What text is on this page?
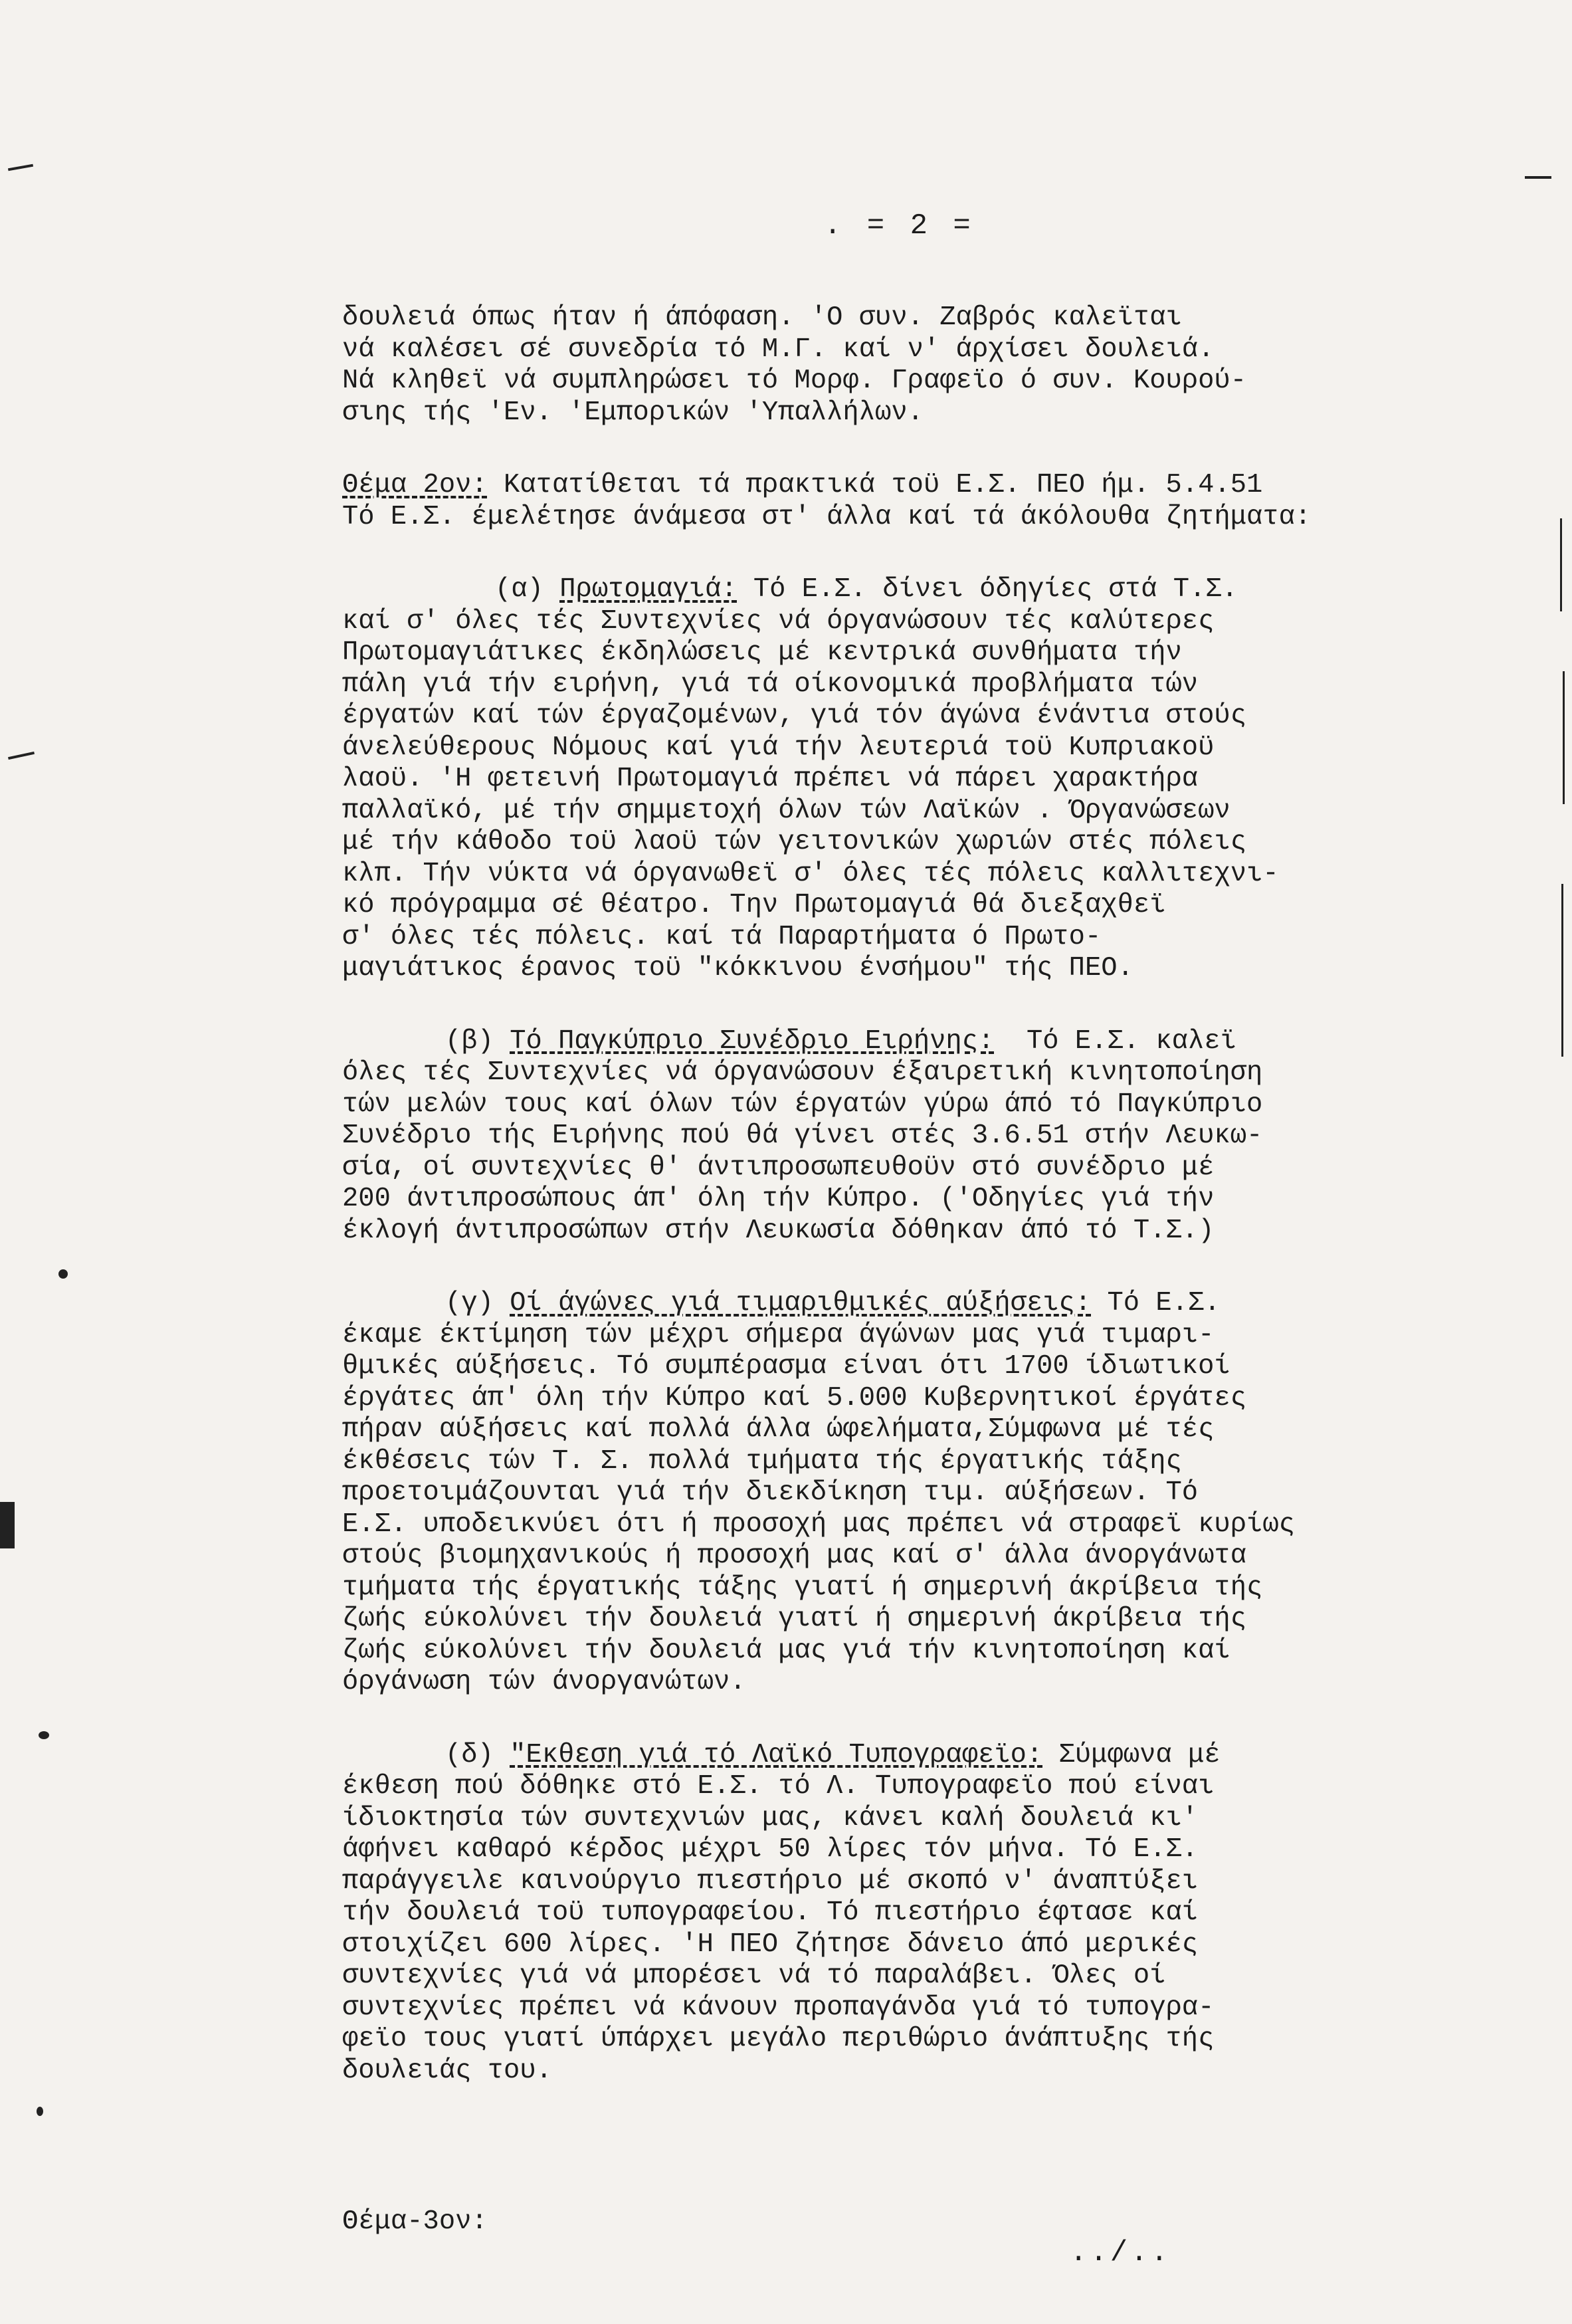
. = 2 =
δουλειά όπως ήταν ή άπόφαση. 'Ο συν. Ζαβρός καλεϊται
νά καλέσει σέ συνεδρία τό Μ.Γ. καί ν' άρχίσει δουλειά.
Νά κληθεϊ νά συμπληρώσει τό Μορφ. Γραφεϊο ό συν. Κουρού-
σιης τής 'Εν. 'Εμπορικών 'Υπαλλήλων.
Θέμα 2ον: Κατατίθεται τά πρακτικά τοϋ Ε.Σ. ΠΕΟ ήμ. 5.4.51
Τό Ε.Σ. έμελέτησε άνάμεσα στ' άλλα καί τά άκόλουθα ζητήματα:
(α) Πρωτομαγιά: Τό Ε.Σ. δίνει όδηγίες στά Τ.Σ.
καί σ' όλες τές Συντεχνίες νά όργανώσουν τές καλύτερες
Πρωτομαγιάτικες έκδηλώσεις μέ κεντρικά συνθήματα τήν
πάλη γιά τήν ειρήνη, γιά τά οίκονομικά προβλήματα τών
έργατών καί τών έργαζομένων, γιά τόν άγώνα ένάντια στούς
άνελεύθερους Νόμους καί γιά τήν λευτεριά τοϋ Κυπριακοϋ
λαοϋ. 'Η φετεινή Πρωτομαγιά πρέπει νά πάρει χαρακτήρα
παλλαϊκό, μέ τήν σημμετοχή όλων τών Λαϊκών . Όργανώσεων
μέ τήν κάθοδο τοϋ λαοϋ τών γειτονικών χωριών στές πόλεις
κλπ. Τήν νύκτα νά όργανωθεϊ σ' όλες τές πόλεις καλλιτεχνι-
κό πρόγραμμα σέ θέατρο. Την Πρωτομαγιά θά διεξαχθεϊ
σ' όλες τές πόλεις. καί τά Παραρτήματα ό Πρωτο-
μαγιάτικος έρανος τοϋ "κόκκινου ένσήμου" τής ΠΕΟ.
(β) Τό Παγκύπριο Συνέδριο Ειρήνης:  Τό Ε.Σ. καλεϊ
όλες τές Συντεχνίες νά όργανώσουν έξαιρετική κινητοποίηση
τών μελών τους καί όλων τών έργατών γύρω άπό τό Παγκύπριο
Συνέδριο τής Ειρήνης πού θά γίνει στές 3.6.51 στήν Λευκω-
σία, οί συντεχνίες θ' άντιπροσωπευθοϋν στό συνέδριο μέ
200 άντιπροσώπους άπ' όλη τήν Κύπρο. ('Οδηγίες γιά τήν
έκλογή άντιπροσώπων στήν Λευκωσία δόθηκαν άπό τό Τ.Σ.)
(γ) Οί άγώνες γιά τιμαριθμικές αύξήσεις: Τό Ε.Σ.
έκαμε έκτίμηση τών μέχρι σήμερα άγώνων μας γιά τιμαρι-
θμικές αύξήσεις. Τό συμπέρασμα είναι ότι 1700 ίδιωτικοί
έργάτες άπ' όλη τήν Κύπρο καί 5.000 Κυβερνητικοί έργάτες
πήραν αύξήσεις καί πολλά άλλα ώφελήματα,Σύμφωνα μέ τές
έκθέσεις τών Τ. Σ. πολλά τμήματα τής έργατικής τάξης
προετοιμάζουνται γιά τήν διεκδίκηση τιμ. αύξήσεων. Τό
Ε.Σ. υποδεικνύει ότι ή προσοχή μας πρέπει νά στραφεϊ κυρίως
στούς βιομηχανικούς ή προσοχή μας καί σ' άλλα άνοργάνωτα
τμήματα τής έργατικής τάξης γιατί ή σημερινή άκρίβεια τής
ζωής εύκολύνει τήν δουλειά γιατί ή σημερινή άκρίβεια τής
ζωής εύκολύνει τήν δουλειά μας γιά τήν κινητοποίηση καί
όργάνωση τών άνοργανώτων.
(δ) "Εκθεση γιά τό Λαϊκό Τυπογραφεϊο: Σύμφωνα μέ
έκθεση πού δόθηκε στό Ε.Σ. τό Λ. Τυπογραφεϊο πού είναι
ίδιοκτησία τών συντεχνιών μας, κάνει καλή δουλειά κι'
άφήνει καθαρό κέρδος μέχρι 50 λίρες τόν μήνα. Τό Ε.Σ.
παράγγειλε καινούργιο πιεστήριο μέ σκοπό ν' άναπτύξει
τήν δουλειά τοϋ τυπογραφείου. Τό πιεστήριο έφτασε καί
στοιχίζει 600 λίρες. 'Η ΠΕΟ ζήτησε δάνειο άπό μερικές
συντεχνίες γιά νά μπορέσει νά τό παραλάβει. Όλες οί
συντεχνίες πρέπει νά κάνουν προπαγάνδα γιά τό τυπογρα-
φεϊο τους γιατί ύπάρχει μεγάλο περιθώριο άνάπτυξης τής
δουλειάς του.
Θέμα-3ον:
../..
